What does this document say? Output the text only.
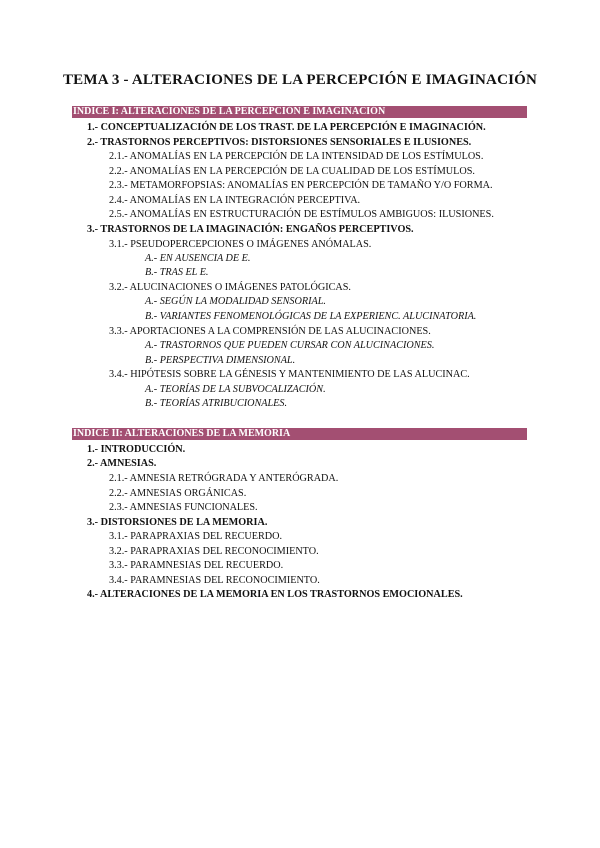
TEMA 3 - ALTERACIONES DE LA PERCEPCIÓN E IMAGINACIÓN
INDICE I: ALTERACIONES DE LA PERCEPCIÓN E IMAGINACIÓN
1.- CONCEPTUALIZACIÓN DE LOS TRAST. DE LA PERCEPCIÓN E IMAGINACIÓN.
2.- TRASTORNOS PERCEPTIVOS: DISTORSIONES SENSORIALES E ILUSIONES.
2.1.- ANOMALÍAS EN LA PERCEPCIÓN DE LA INTENSIDAD DE LOS ESTÍMULOS.
2.2.- ANOMALÍAS EN LA PERCEPCIÓN DE LA CUALIDAD DE LOS ESTÍMULOS.
2.3.- METAMORFOPSIAS: ANOMALÍAS EN PERCEPCIÓN DE TAMAÑO Y/O FORMA.
2.4.- ANOMALÍAS EN LA INTEGRACIÓN PERCEPTIVA.
2.5.- ANOMALÍAS EN ESTRUCTURACIÓN DE ESTÍMULOS AMBIGUOS: ILUSIONES.
3.- TRASTORNOS DE LA IMAGINACIÓN: ENGAÑOS PERCEPTIVOS.
3.1.- PSEUDOPERCEPCIONES O IMÁGENES ANÓMALAS.
A.- EN AUSENCIA DE E.
B.- TRAS EL E.
3.2.- ALUCINACIONES O IMÁGENES PATOLÓGICAS.
A.- SEGÚN LA MODALIDAD SENSORIAL.
B.- VARIANTES FENOMENOLÓGICAS DE LA EXPERIENC. ALUCINATORIA.
3.3.- APORTACIONES A LA COMPRENSIÓN DE LAS ALUCINACIONES.
A.- TRASTORNOS QUE PUEDEN CURSAR CON ALUCINACIONES.
B.- PERSPECTIVA DIMENSIONAL.
3.4.- HIPÓTESIS SOBRE LA GÉNESIS Y MANTENIMIENTO DE LAS ALUCINAC.
A.- TEORÍAS DE LA SUBVOCALIZACIÓN.
B.- TEORÍAS ATRIBUCIONALES.
INDICE II: ALTERACIONES DE LA MEMORIA
1.- INTRODUCCIÓN.
2.- AMNESIAS.
2.1.- AMNESIA RETRÓGRADA Y ANTERÓGRADA.
2.2.- AMNESIAS ORGÁNICAS.
2.3.- AMNESIAS FUNCIONALES.
3.- DISTORSIONES DE LA MEMORIA.
3.1.- PARAPRAXIAS DEL RECUERDO.
3.2.- PARAPRAXIAS DEL RECONOCIMIENTO.
3.3.- PARAMNESIAS DEL RECUERDO.
3.4.- PARAMNESIAS DEL RECONOCIMIENTO.
4.- ALTERACIONES DE LA MEMORIA EN LOS TRASTORNOS EMOCIONALES.
